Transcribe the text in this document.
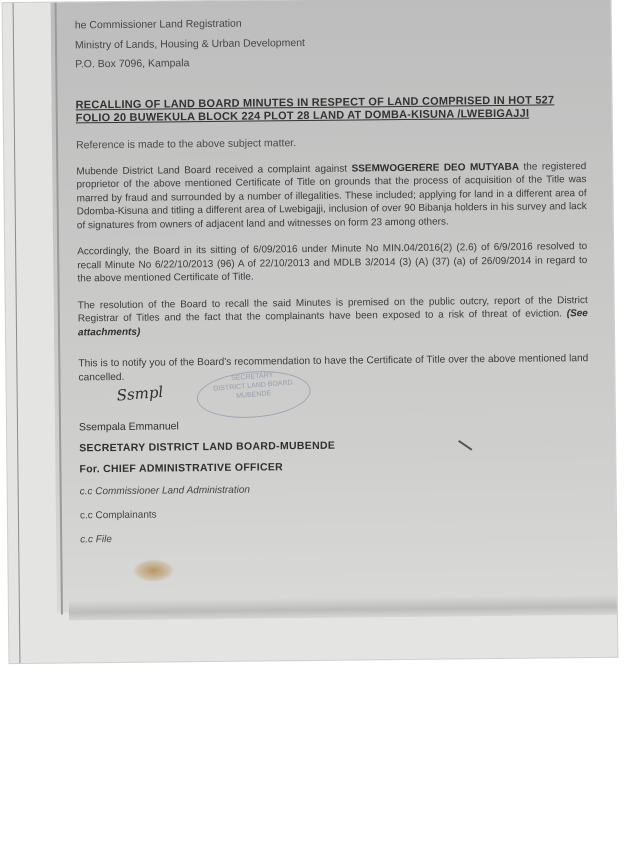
he Commissioner Land Registration

Ministry of Lands, Housing & Urban Development

P.O. Box 7096, Kampala

RECALLING OF LAND BOARD MINUTES IN RESPECT OF LAND COMPRISED IN HOT 527 FOLIO 20 BUWEKULA BLOCK 224 PLOT 28 LAND AT DOMBA-KISUNA /LWEBIGAJJI
Reference is made to the above subject matter.
Mubende District Land Board received a complaint against SSEMWOGERERE DEO MUTYABA the registered proprietor of the above mentioned Certificate of Title on grounds that the process of acquisition of the Title was marred by fraud and surrounded by a number of illegalities. These included; applying for land in a different area of Ddomba-Kisuna and titling a different area of Lwebigajji, inclusion of over 90 Bibanja holders in his survey and lack of signatures from owners of adjacent land and witnesses on form 23 among others.
Accordingly, the Board in its sitting of 6/09/2016 under Minute No MIN.04/2016(2) (2.6) of 6/9/2016 resolved to recall Minute No 6/22/10/2013 (96) A of 22/10/2013 and MDLB 3/2014 (3) (A) (37) (a) of 26/09/2014 in regard to the above mentioned Certificate of Title.
The resolution of the Board to recall the said Minutes is premised on the public outcry, report of the District Registrar of Titles and the fact that the complainants have been exposed to a risk of threat of eviction. (See attachments)
This is to notify you of the Board's recommendation to have the Certificate of Title over the above mentioned land cancelled.
Ssmpl
SECRETARY
DISTRICT LAND BOARD
MUBENDE
Ssempala Emmanuel
SECRETARY DISTRICT LAND BOARD-MUBENDE
For. CHIEF ADMINISTRATIVE OFFICER
c.c Commissioner Land Administration
c.c Complainants
c.c File
